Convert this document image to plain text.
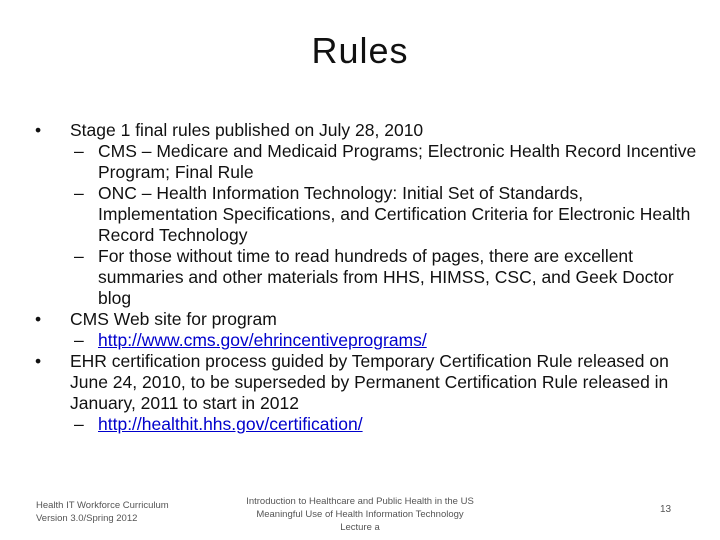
Rules
• Stage 1 final rules published on July 28, 2010
– CMS – Medicare and Medicaid Programs; Electronic Health Record Incentive Program; Final Rule
– ONC – Health Information Technology: Initial Set of Standards, Implementation Specifications, and Certification Criteria for Electronic Health Record Technology
– For those without time to read hundreds of pages, there are excellent summaries and other materials from HHS, HIMSS, CSC, and Geek Doctor blog
• CMS Web site for program
– http://www.cms.gov/ehrincentiveprograms/
• EHR certification process guided by Temporary Certification Rule released on June 24, 2010, to be superseded by Permanent Certification Rule released in January, 2011 to start in 2012
– http://healthit.hhs.gov/certification/
Health IT Workforce Curriculum
Version 3.0/Spring 2012
Introduction to Healthcare and Public Health in the US
Meaningful Use of Health Information Technology
Lecture a
13
